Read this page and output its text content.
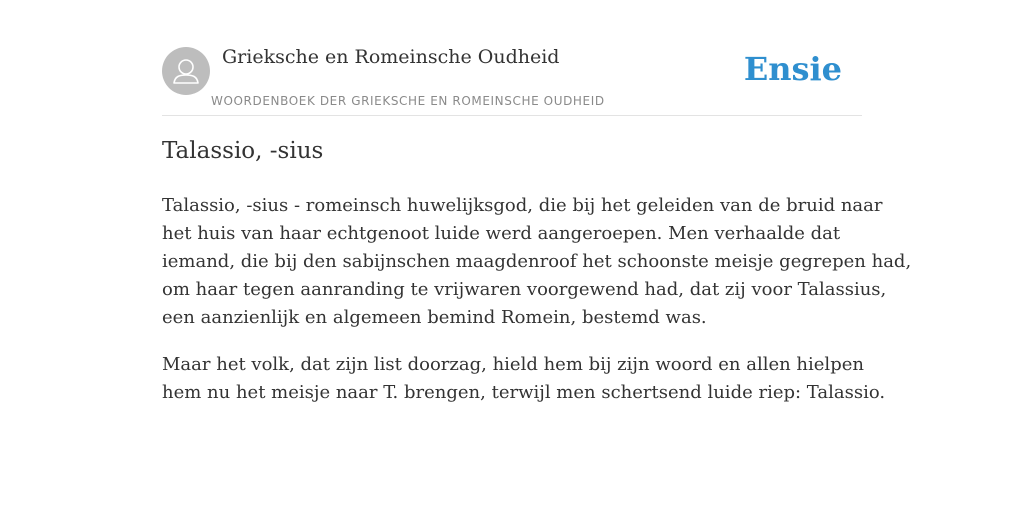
Grieksche en Romeinsche Oudheid
WOORDENBOEK DER GRIEKSCHE EN ROMEINSCHE OUDHEID
Ensie
Talassio, -sius

Talassio, -sius - romeinsch huwelijksgod, die bij het geleiden van de bruid naar
het huis van haar echtgenoot luide werd aangeroepen. Men verhaalde dat
iemand, die bij den sabijnschen maagdenroof het schoonste meisje gegrepen had,
om haar tegen aanranding te vrijwaren voorgewend had, dat zij voor Talassius,
een aanzienlijk en algemeen bemind Romein, bestemd was.

Maar het volk, dat zijn list doorzag, hield hem bij zijn woord en allen hielpen
hem nu het meisje naar T. brengen, terwijl men schertsend luide riep: Talassio.
